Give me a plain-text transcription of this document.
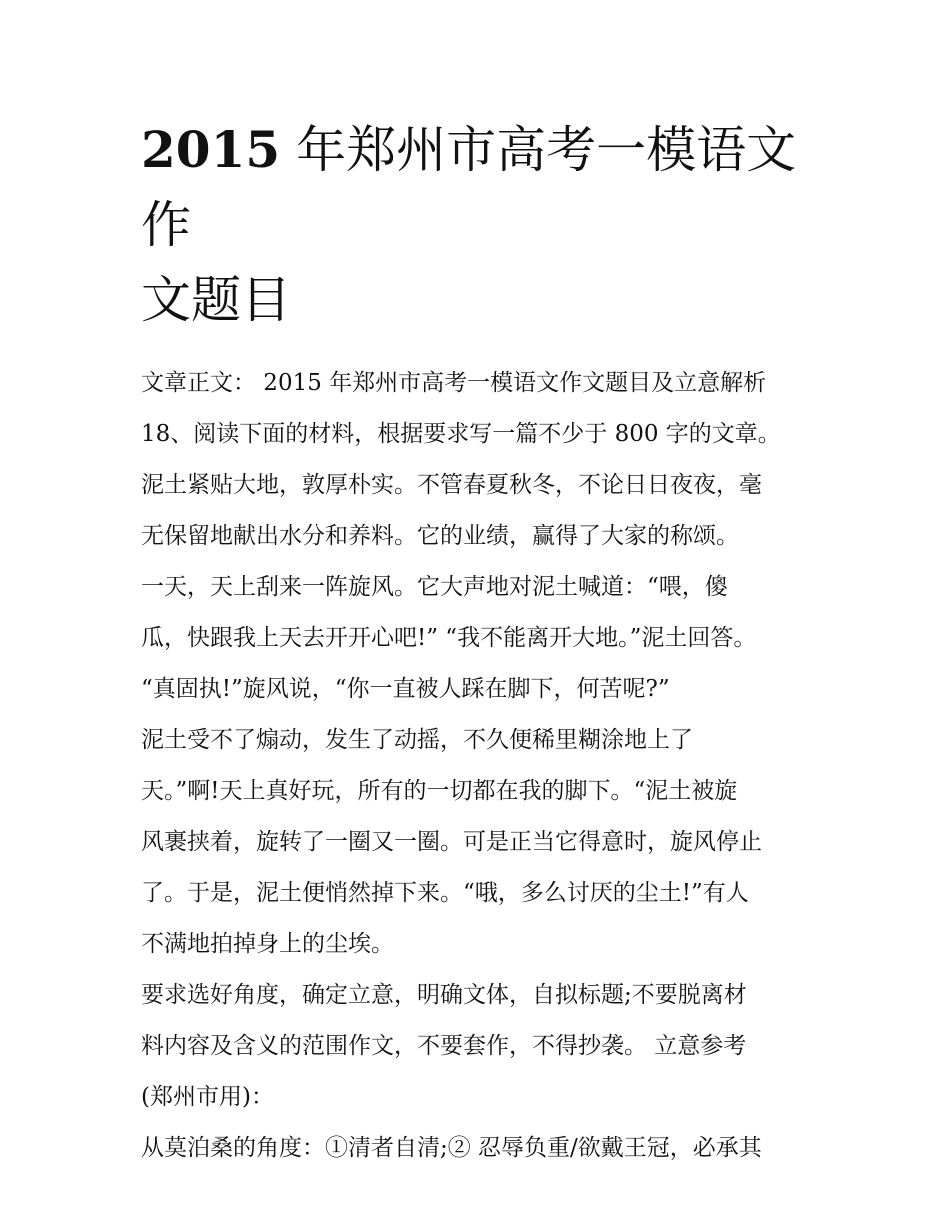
2015 年郑州市高考一模语文作
文题目

文章正文： 2015 年郑州市高考一模语文作文题目及立意解析

18、阅读下面的材料，根据要求写一篇不少于 800 字的文章。

泥土紧贴大地，敦厚朴实。不管春夏秋冬，不论日日夜夜，毫

无保留地献出水分和养料。它的业绩，赢得了大家的称颂。

一天，天上刮来一阵旋风。它大声地对泥土喊道：“喂，傻

瓜，快跟我上天去开开心吧!” “我不能离开大地。”泥土回答。

“真固执!”旋风说，“你一直被人踩在脚下，何苦呢?”

泥土受不了煽动，发生了动摇，不久便稀里糊涂地上了

天。”啊!天上真好玩，所有的一切都在我的脚下。“泥土被旋

风裹挟着，旋转了一圈又一圈。可是正当它得意时，旋风停止

了。于是，泥土便悄然掉下来。“哦，多么讨厌的尘土!”有人

不满地拍掉身上的尘埃。

要求选好角度，确定立意，明确文体，自拟标题;不要脱离材

料内容及含义的范围作文，不要套作，不得抄袭。 立意参考

(郑州市用)：

从莫泊桑的角度：①清者自清;② 忍辱负重/欲戴王冠，必承其
